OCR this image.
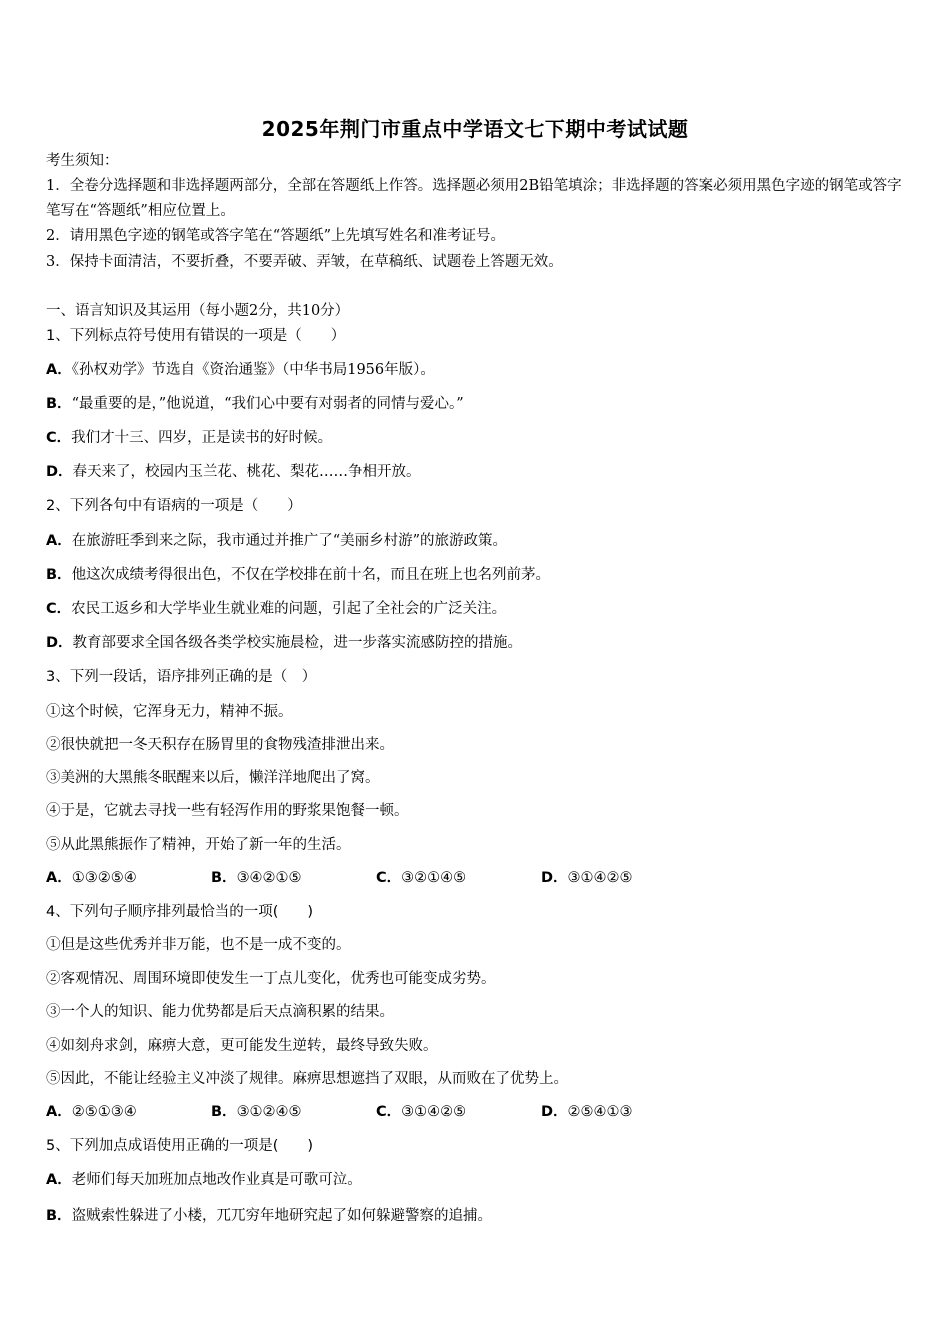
2025年荆门市重点中学语文七下期中考试试题
考生须知：
1．全卷分选择题和非选择题两部分，全部在答题纸上作答。选择题必须用2B铅笔填涂；非选择题的答案必须用黑色字迹的钢笔或答字笔写在“答题纸”相应位置上。
2．请用黑色字迹的钢笔或答字笔在“答题纸”上先填写姓名和准考证号。
3．保持卡面清洁，不要折叠，不要弄破、弄皱，在草稿纸、试题卷上答题无效。
一、语言知识及其运用（每小题2分，共10分）
1、下列标点符号使用有错误的一项是（　　）
A．《孙权劝学》节选自《资治通鉴》（中华书局1956年版）。
B．“最重要的是，”他说道，“我们心中要有对弱者的同情与爱心。”
C．我们才十三、四岁，正是读书的好时候。
D．春天来了，校园内玉兰花、桃花、梨花……争相开放。
2、下列各句中有语病的一项是（　　）
A．在旅游旺季到来之际，我市通过并推广了“美丽乡村游”的旅游政策。
B．他这次成绩考得很出色，不仅在学校排在前十名，而且在班上也名列前茅。
C．农民工返乡和大学毕业生就业难的问题，引起了全社会的广泛关注。
D．教育部要求全国各级各类学校实施晨检，进一步落实流感防控的措施。
3、下列一段话，语序排列正确的是（　）
①这个时候，它浑身无力，精神不振。
②很快就把一冬天积存在肠胃里的食物残渣排泄出来。
③美洲的大黑熊冬眠醒来以后，懒洋洋地爬出了窝。
④于是，它就去寻找一些有轻泻作用的野浆果饱餐一顿。
⑤从此黑熊振作了精神，开始了新一年的生活。
A．①③②⑤④	B．③④②①⑤	C．③②①④⑤	D．③①④②⑤
4、下列句子顺序排列最恰当的一项(　　)
①但是这些优秀并非万能，也不是一成不变的。
②客观情况、周围环境即使发生一丁点儿变化，优秀也可能变成劣势。
③一个人的知识、能力优势都是后天点滴积累的结果。
④如刻舟求剑，麻痹大意，更可能发生逆转，最终导致失败。
⑤因此，不能让经验主义冲淡了规律。麻痹思想遮挡了双眼，从而败在了优势上。
A．②⑤①③④	B．③①②④⑤	C．③①④②⑤	D．②⑤④①③
5、下列加点成语使用正确的一项是(　　)
A．老师们每天加班加点地改作业真是可歌可泣。
B．盗贼索性躲进了小楼，兀兀穷年地研究起了如何躲避警察的追捕。
